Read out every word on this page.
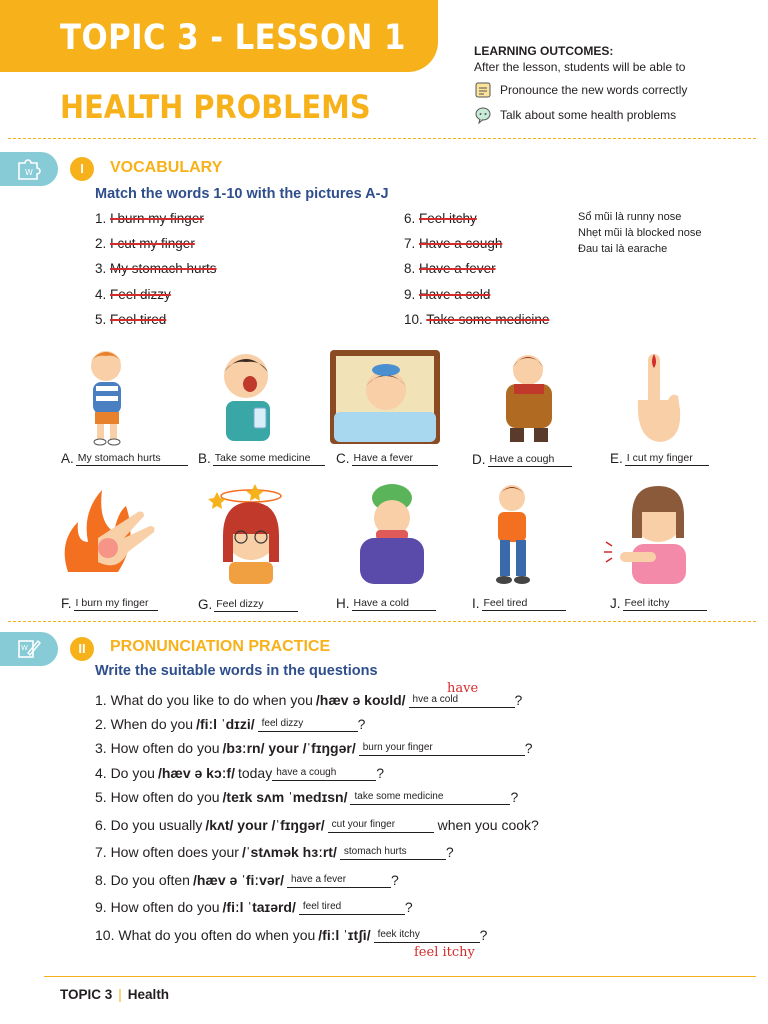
TOPIC 3 - LESSON 1
HEALTH PROBLEMS
LEARNING OUTCOMES:
After the lesson, students will be able to
Pronounce the new words correctly
Talk about some health problems
W	I	VOCABULARY
Match the words 1-10 with the pictures A-J
1. I burn my finger
2. I cut my finger
3. My stomach hurts
4. Feel dizzy
5. Feel tired
6. Feel itchy
7. Have a cough
8. Have a fever
9. Have a cold
10. Take some medicine
Sổ mũi là runny nose
Nhẹt mũi là blocked nose
Đau tai là earache
A. My stomach hurts	B. Take some medicine	C. Have a fever	D. Have a cough	E. I cut my finger
F. I burn my finger	G. Feel dizzy	H. Have a cold	I. Feel tired	J. Feel itchy
W	II	PRONUNCIATION PRACTICE
Write the suitable words in the questions
have
1. What do you like to do when you /hæv ə koʊld/ hve a cold	?
2. When do you /fiːl ˈdɪzi/ feel dizzy	?
3. How often do you /bɜːrn/ your /ˈfɪŋgər/ burn your finger	?
4. Do you /hæv ə kɔːf/ today have a cough	?
5. How often do you /teɪk sʌm ˈmedɪsn/ take some medicine	?
6. Do you usually /kʌt/ your /ˈfɪŋgər/ cut your finger	when you cook?
7. How often does your /ˈstʌmək hɜːrt/ stomach hurts	?
8. Do you often /hæv ə ˈfiːvər/ have a fever	?
9. How often do you /fiːl ˈtaɪərd/ feel tired	?
10. What do you often do when you /fiːl ˈɪtʃi/ feek itchy	?
feel itchy
TOPIC 3 | Health
